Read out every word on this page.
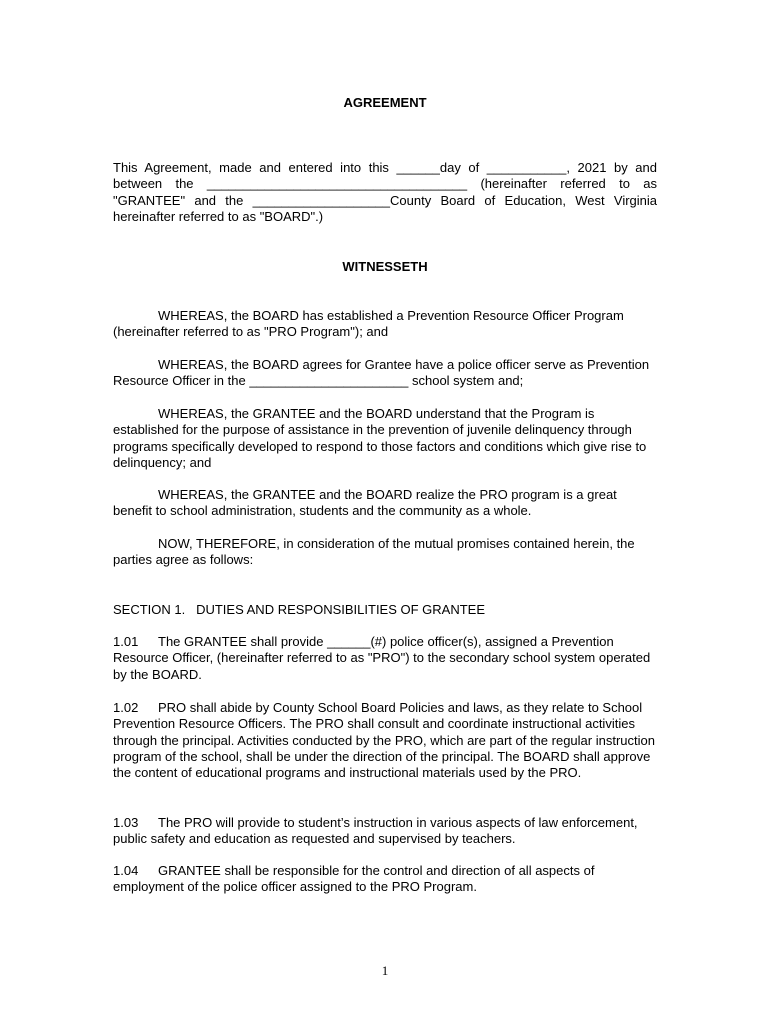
AGREEMENT
This Agreement, made and entered into this ______day of ___________, 2021 by and
between the ____________________________________ (hereinafter referred to as
"GRANTEE" and the ___________________County Board of Education, West Virginia
hereinafter referred to as "BOARD".)
WITNESSETH

WHEREAS, the BOARD has established a Prevention Resource Officer Program (hereinafter referred to as "PRO Program"); and

WHEREAS, the BOARD agrees for Grantee have a police officer serve as Prevention Resource Officer in the ______________________ school system and;

WHEREAS, the GRANTEE and the BOARD understand that the Program is established for the purpose of assistance in the prevention of juvenile delinquency through programs specifically developed to respond to those factors and conditions which give rise to delinquency; and

WHEREAS, the GRANTEE and the BOARD realize the PRO program is a great benefit to school administration, students and the community as a whole.

NOW, THEREFORE, in consideration of the mutual promises contained herein, the parties agree as follows:

SECTION 1.   DUTIES AND RESPONSIBILITIES OF GRANTEE

1.01 The GRANTEE shall provide ______(#) police officer(s), assigned a Prevention Resource Officer, (hereinafter referred to as "PRO") to the secondary school system operated by the BOARD.

1.02 PRO shall abide by County School Board Policies and laws, as they relate to School Prevention Resource Officers. The PRO shall consult and coordinate instructional activities through the principal. Activities conducted by the PRO, which are part of the regular instruction program of the school, shall be under the direction of the principal. The BOARD shall approve the content of educational programs and instructional materials used by the PRO.

1.03 The PRO will provide to student’s instruction in various aspects of law enforcement, public safety and education as requested and supervised by teachers.

1.04 GRANTEE shall be responsible for the control and direction of all aspects of employment of the police officer assigned to the PRO Program.

1
